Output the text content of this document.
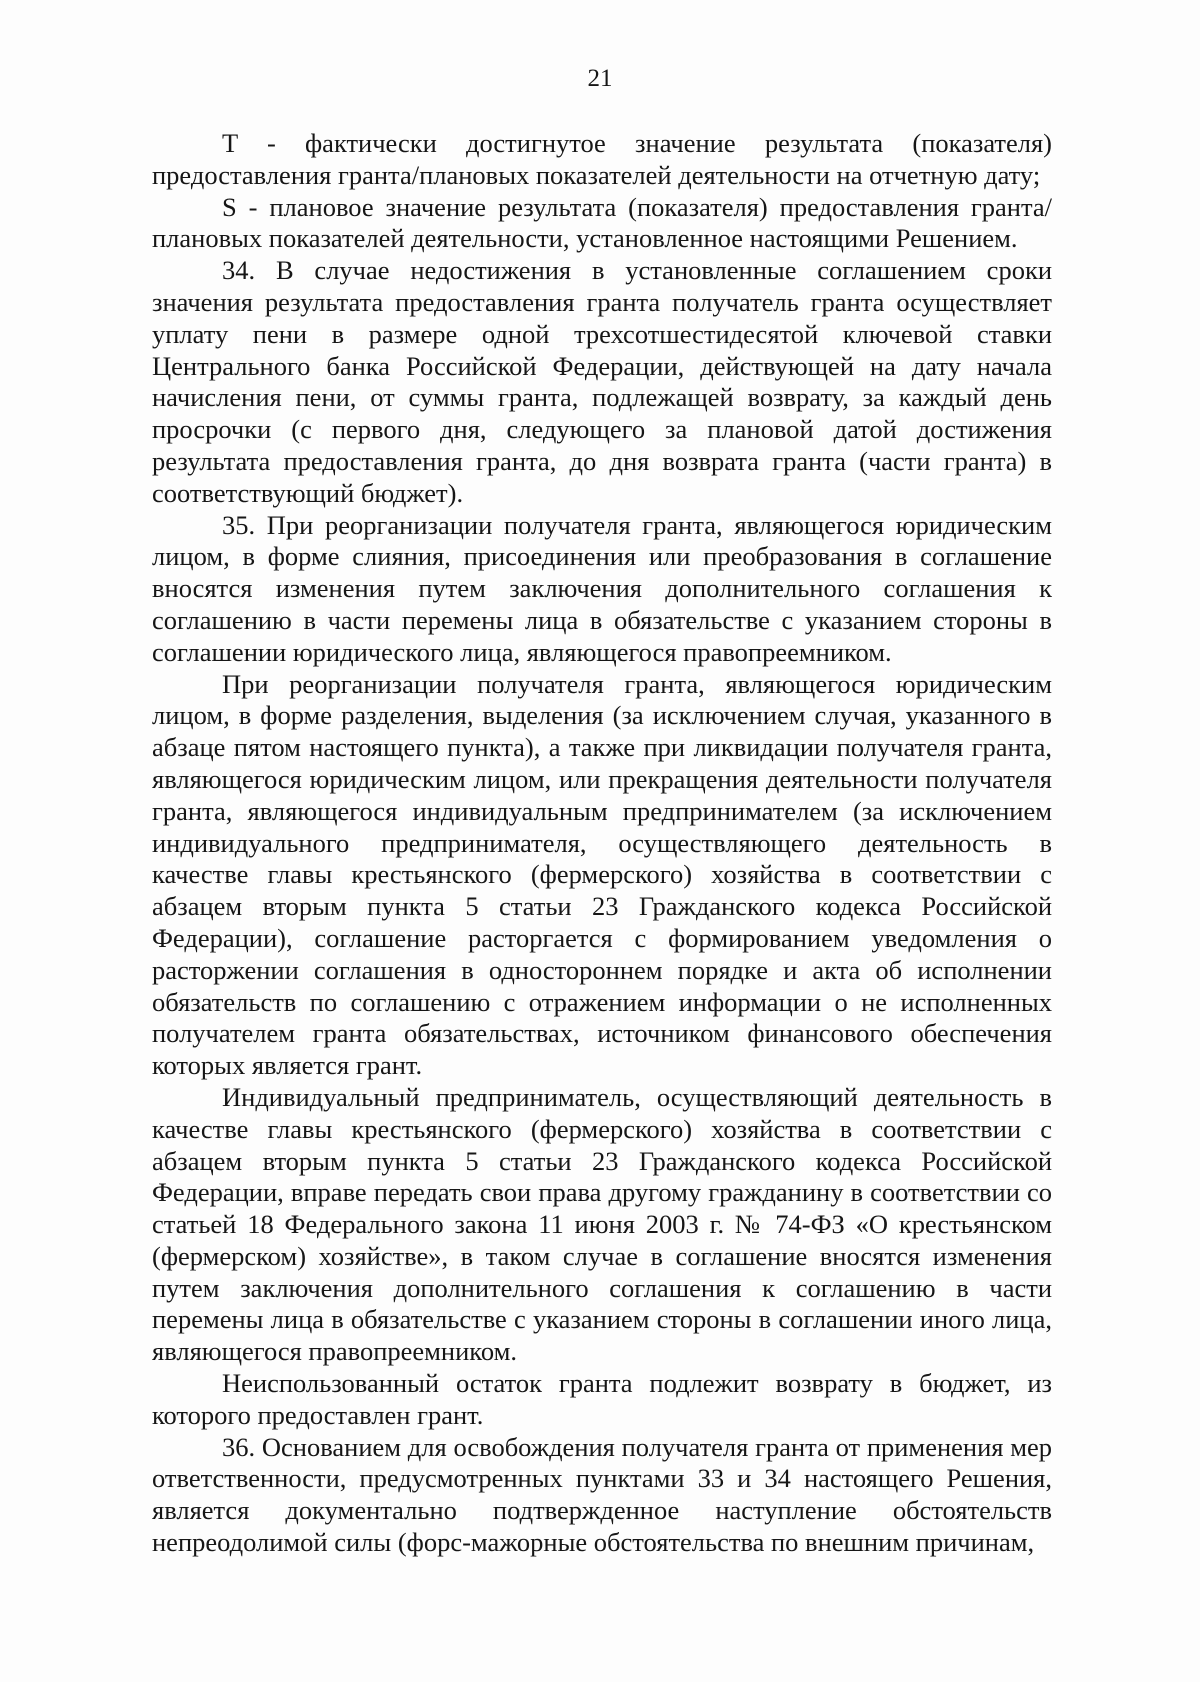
21

T - фактически достигнутое значение результата (показателя) предоставления гранта/плановых показателей деятельности на отчетную дату;

S - плановое значение результата (показателя) предоставления гранта/плановых показателей деятельности, установленное настоящими Решением.

34. В случае недостижения в установленные соглашением сроки значения результата предоставления гранта получатель гранта осуществляет уплату пени в размере одной трехсотшестидесятой ключевой ставки Центрального банка Российской Федерации, действующей на дату начала начисления пени, от суммы гранта, подлежащей возврату, за каждый день просрочки (с первого дня, следующего за плановой датой достижения результата предоставления гранта, до дня возврата гранта (части гранта) в соответствующий бюджет).

35. При реорганизации получателя гранта, являющегося юридическим лицом, в форме слияния, присоединения или преобразования в соглашение вносятся изменения путем заключения дополнительного соглашения к соглашению в части перемены лица в обязательстве с указанием стороны в соглашении юридического лица, являющегося правопреемником.

При реорганизации получателя гранта, являющегося юридическим лицом, в форме разделения, выделения (за исключением случая, указанного в абзаце пятом настоящего пункта), а также при ликвидации получателя гранта, являющегося юридическим лицом, или прекращения деятельности получателя гранта, являющегося индивидуальным предпринимателем (за исключением индивидуального предпринимателя, осуществляющего деятельность в качестве главы крестьянского (фермерского) хозяйства в соответствии с абзацем вторым пункта 5 статьи 23 Гражданского кодекса Российской Федерации), соглашение расторгается с формированием уведомления о расторжении соглашения в одностороннем порядке и акта об исполнении обязательств по соглашению с отражением информации о не исполненных получателем гранта обязательствах, источником финансового обеспечения которых является грант.

Индивидуальный предприниматель, осуществляющий деятельность в качестве главы крестьянского (фермерского) хозяйства в соответствии с абзацем вторым пункта 5 статьи 23 Гражданского кодекса Российской Федерации, вправе передать свои права другому гражданину в соответствии со статьей 18 Федерального закона 11 июня 2003 г. № 74-ФЗ «О крестьянском (фермерском) хозяйстве», в таком случае в соглашение вносятся изменения путем заключения дополнительного соглашения к соглашению в части перемены лица в обязательстве с указанием стороны в соглашении иного лица, являющегося правопреемником.

Неиспользованный остаток гранта подлежит возврату в бюджет, из которого предоставлен грант.

36. Основанием для освобождения получателя гранта от применения мер ответственности, предусмотренных пунктами 33 и 34 настоящего Решения, является документально подтвержденное наступление обстоятельств непреодолимой силы (форс-мажорные обстоятельства по внешним причинам,
